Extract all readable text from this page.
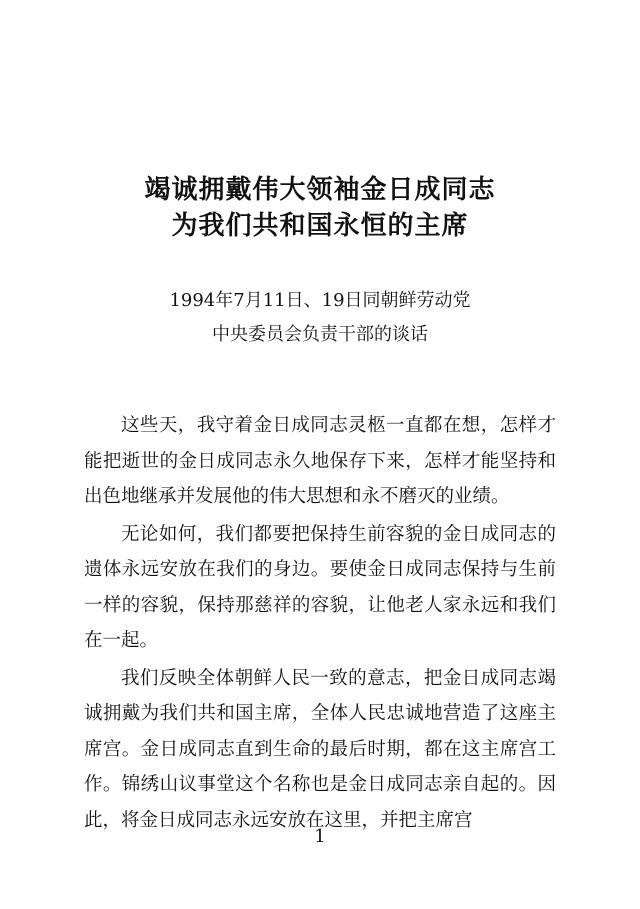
竭诚拥戴伟大领袖金日成同志
为我们共和国永恒的主席
1994年7月11日、19日同朝鲜劳动党
中央委员会负责干部的谈话

这些天，我守着金日成同志灵柩一直都在想，怎样才能把逝世的金日成同志永久地保存下来，怎样才能坚持和出色地继承并发展他的伟大思想和永不磨灭的业绩。

无论如何，我们都要把保持生前容貌的金日成同志的遗体永远安放在我们的身边。要使金日成同志保持与生前一样的容貌，保持那慈祥的容貌，让他老人家永远和我们在一起。

我们反映全体朝鲜人民一致的意志，把金日成同志竭诚拥戴为我们共和国主席，全体人民忠诚地营造了这座主席宫。金日成同志直到生命的最后时期，都在这主席宫工作。锦绣山议事堂这个名称也是金日成同志亲自起的。因此，将金日成同志永远安放在这里，并把主席宫

1
